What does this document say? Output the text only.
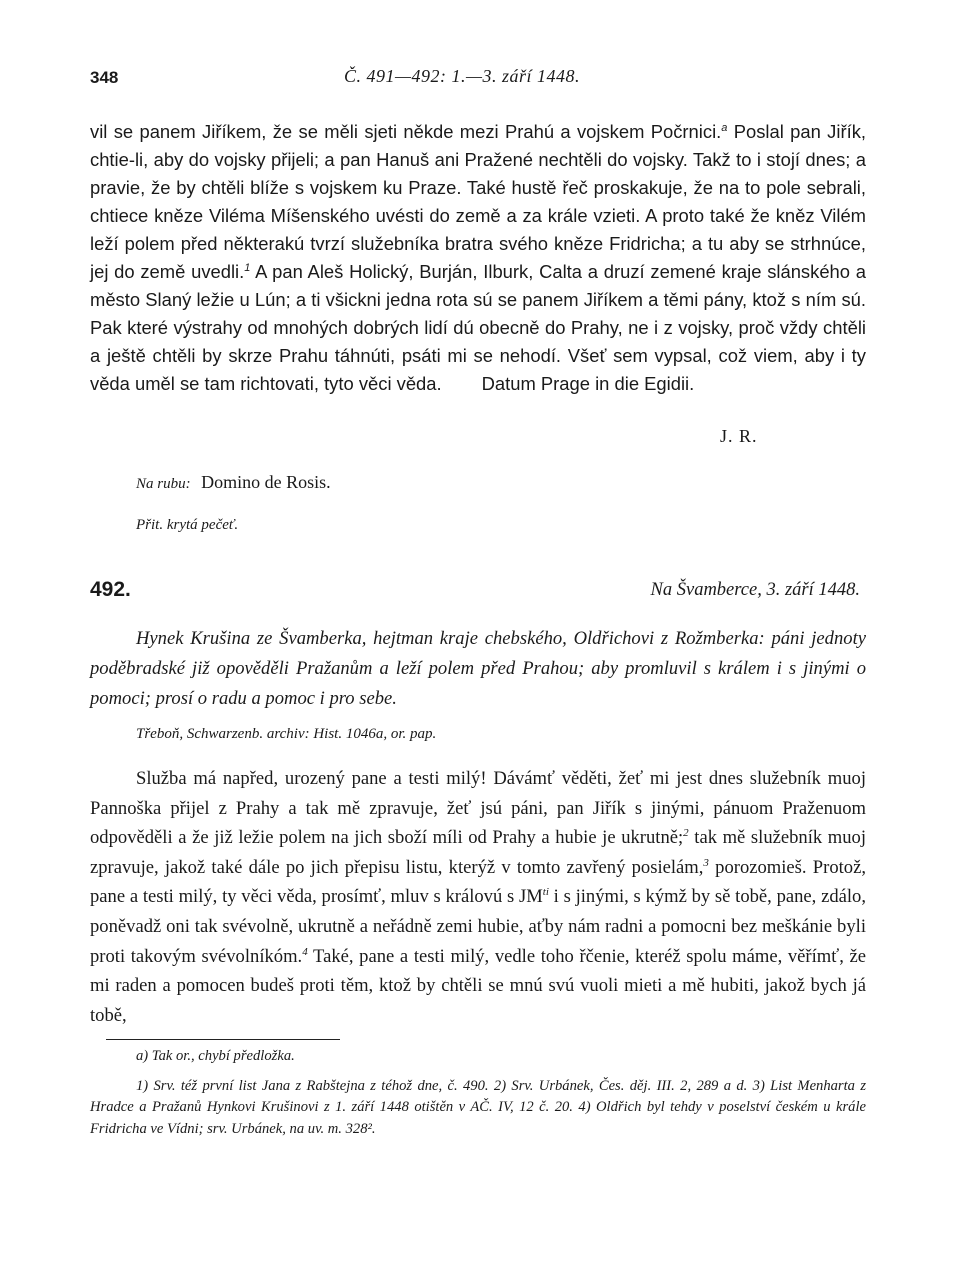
348	Č. 491—492: 1.—3. září 1448.

vil se panem Jiříkem, že se měli sjeti někde mezi Prahú a vojskem Počrnici.$^a$ Poslal pan Jiřík, chtie-li, aby do vojsky přijeli; a pan Hanuš ani Pražené nechtěli do vojsky. Takž to i stojí dnes; a pravie, že by chtěli blíže s vojskem ku Praze. Také hustě řeč proskakuje, že na to pole sebrali, chtiece kněze Viléma Míšenského uvésti do země a za krále vzieti. A proto také že kněz Vilém leží polem před některakú tvrzí služebníka bratra svého kněze Fridricha; a tu aby se strhnúce, jej do země uvedli.$^1$ A pan Aleš Holický, Burján, Ilburk, Calta a druzí zemené kraje slánského a město Slaný ležie u Lún; a ti všickni jedna rota sú se panem Jiříkem a těmi pány, ktož s ním sú. Pak které výstrahy od mnohých dobrých lidí dú obecně do Prahy, ne i z vojsky, proč vždy chtěli a ještě chtěli by skrze Prahu táhnúti, psáti mi se nehodí. Všeť sem vypsal, což viem, aby i ty věda uměl se tam richtovati, tyto věci věda. Datum Prage in die Egidii.

J. R.
Na rubu: Domino de Rosis.
Přit. krytá pečeť.
492.	Na Švamberce, 3. září 1448.

Hynek Krušina ze Švamberka, hejtman kraje chebského, Oldřichovi z Rožmberka: páni jednoty poděbradské již opověděli Pražanům a leží polem před Prahou; aby promluvil s králem i s jinými o pomoci; prosí o radu a pomoc i pro sebe.

Třeboň, Schwarzenb. archiv: Hist. 1046a, or. pap.

Služba má napřed, urozený pane a testi milý! Dávámť věděti, žeť mi jest dnes služebník muoj Pannoška přijel z Prahy a tak mě zpravuje, žeť jsú páni, pan Jiřík s jinými, pánuom Praženuom odpověděli a že již ležie polem na jich sboží míli od Prahy a hubie je ukrutně;$^2$ tak mě služebník muoj zpravuje, jakož také dále po jich přepisu listu, kterýž v tomto zavřený posielám,$^3$ porozomieš. Protož, pane a testi milý, ty věci věda, prosímť, mluv s královú s $JM^{ti}$ i s jinými, s kýmž by sě tobě, pane, zdálo, poněvadž oni tak svévolně, ukrutně a neřádně zemi hubie, aťby nám radni a pomocni bez meškánie byli proti takovým svévolníkóm.$^4$ Také, pane a testi milý, vedle toho řčenie, kteréž spolu máme, věřímť, že mi raden a pomocen budeš proti těm, ktož by chtěli se mnú svú vuoli mieti a mě hubiti, jakož bych já tobě,

a) Tak or., chybí předložka.

1) Srv. též první list Jana z Rabštejna z téhož dne, č. 490. 2) Srv. Urbánek, Čes. děj. III. 2, 289 a d. 3) List Menharta z Hradce a Pražanů Hynkovi Krušinovi z 1. září 1448 otištěn v AČ. IV, 12 č. 20. 4) Oldřich byl tehdy v poselství českém u krále Fridricha ve Vídni; srv. Urbánek, na uv. m. 328².
